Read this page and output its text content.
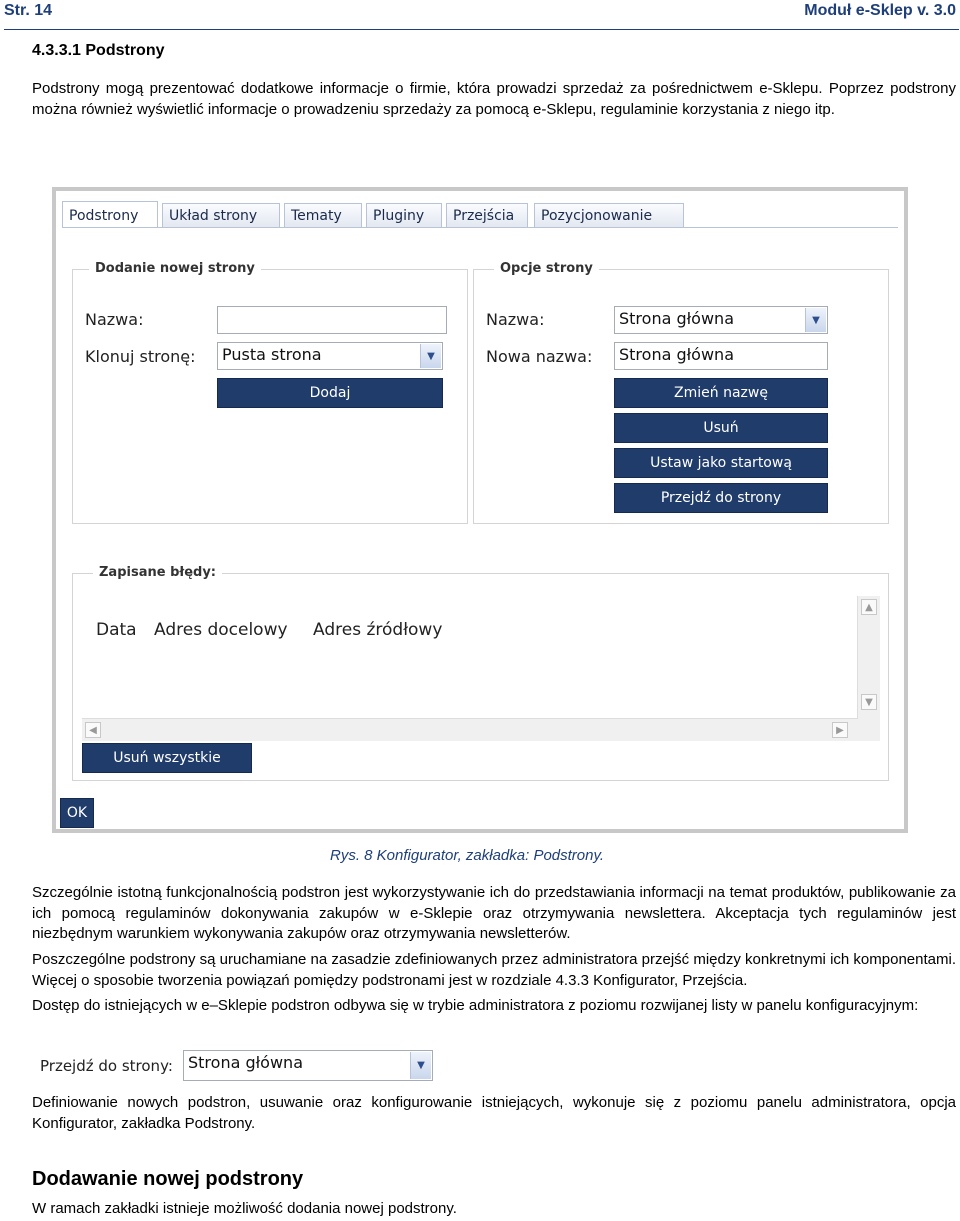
Str. 14	Moduł e-Sklep v. 3.0
4.3.3.1 Podstrony
Podstrony mogą prezentować dodatkowe informacje o firmie, która prowadzi sprzedaż za pośrednictwem e-Sklepu. Poprzez podstrony można również wyświetlić informacje o prowadzeniu sprzedaży za pomocą e-Sklepu, regulaminie korzystania z niego itp.
Podstrony	Układ strony	Tematy	Pluginy	Przejścia	Pozycjonowanie
Dodanie nowej strony
Nazwa:
Klonuj stronę:	Pusta strona	▼
Dodaj
Opcje strony
Nazwa:	Strona główna	▼
Nowa nazwa:	Strona główna
Zmień nazwę
Usuń
Ustaw jako startową
Przejdź do strony
Zapisane błędy:
▲
▼
◀	▶
Data Adres docelowy Adres źródłowy
Usuń wszystkie
OK
Rys. 8 Konfigurator, zakładka: Podstrony.
Szczególnie istotną funkcjonalnością podstron jest wykorzystywanie ich do przedstawiania informacji na temat produktów, publikowanie za ich pomocą regulaminów dokonywania zakupów w e-Sklepie oraz otrzymywania newslettera. Akceptacja tych regulaminów jest niezbędnym warunkiem wykonywania zakupów oraz otrzymywania newsletterów.
Poszczególne podstrony są uruchamiane na zasadzie zdefiniowanych przez administratora przejść między konkretnymi ich komponentami. Więcej o sposobie tworzenia powiązań pomiędzy podstronami jest w rozdziale 4.3.3 Konfigurator, Przejścia.
Dostęp do istniejących w e–Sklepie podstron odbywa się w trybie administratora z poziomu rozwijanej listy w panelu konfiguracyjnym:
Przejdź do strony: Strona główna	▼
Definiowanie nowych podstron, usuwanie oraz konfigurowanie istniejących, wykonuje się z poziomu panelu administratora, opcja Konfigurator, zakładka Podstrony.
Dodawanie nowej podstrony
W ramach zakładki istnieje możliwość dodania nowej podstrony.
